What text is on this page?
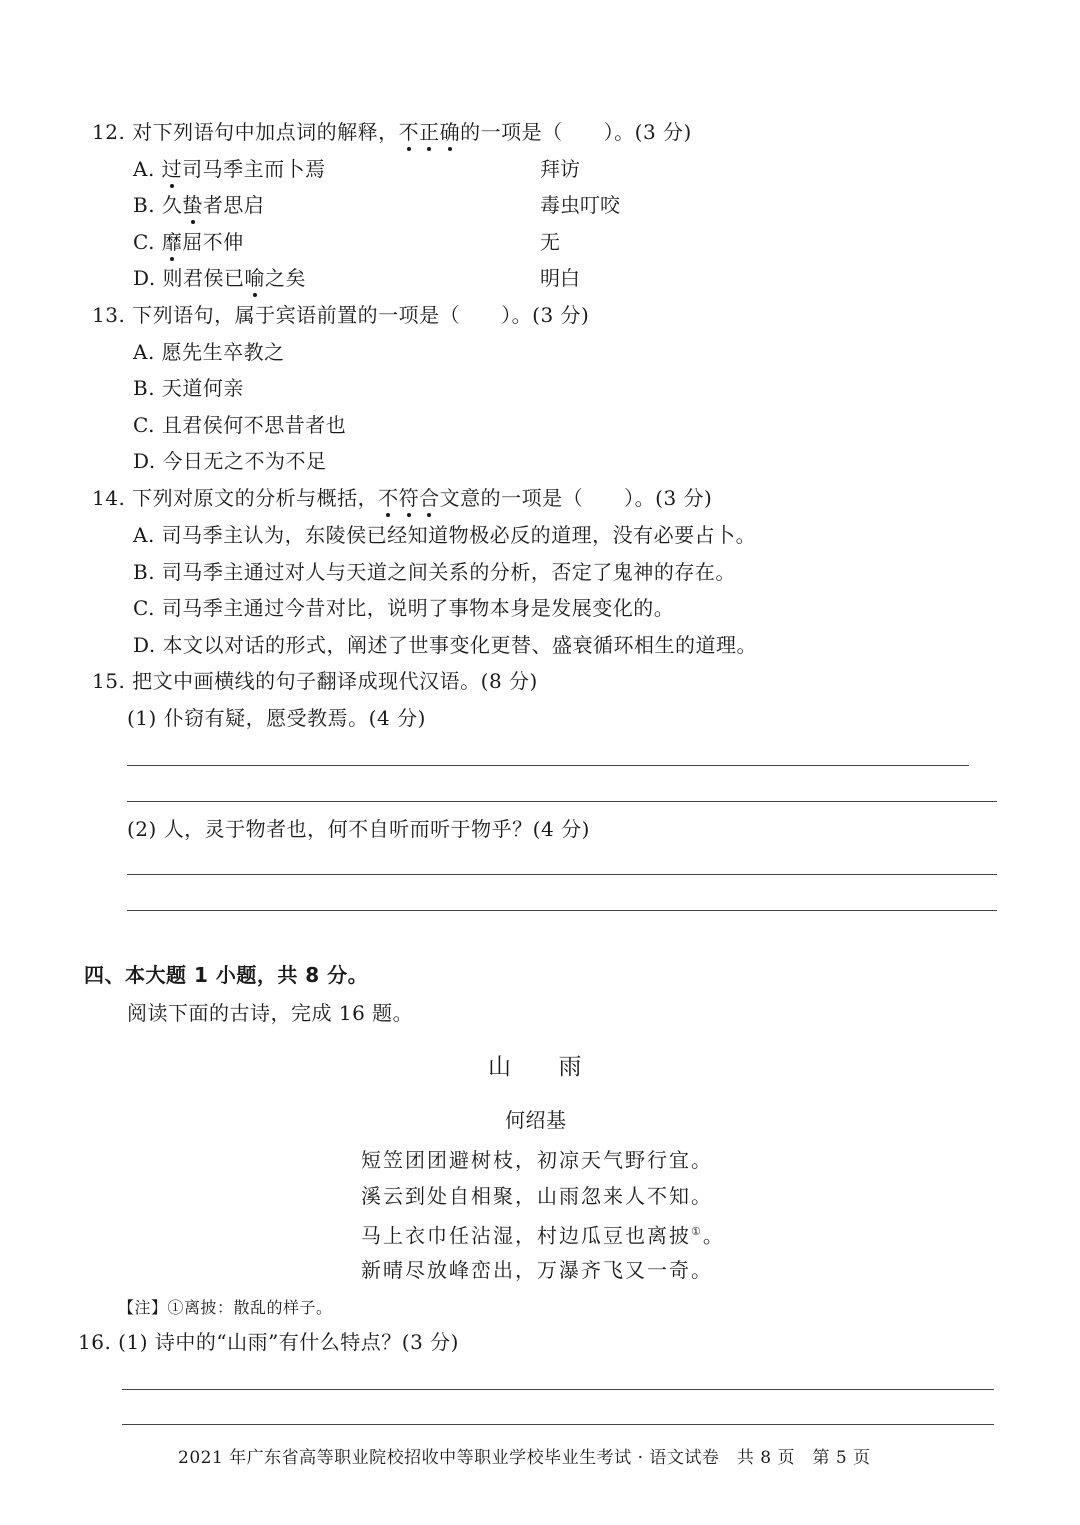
12. 对下列语句中加点词的解释，不正确的一项是（　　）。(3 分)
A. 过司马季主而卜焉	拜访
B. 久蛰者思启	毒虫叮咬
C. 靡屈不伸	无
D. 则君侯已喻之矣	明白
13. 下列语句，属于宾语前置的一项是（　　）。(3 分)
A. 愿先生卒教之
B. 天道何亲
C. 且君侯何不思昔者也
D. 今日无之不为不足
14. 下列对原文的分析与概括，不符合文意的一项是（　　）。(3 分)
A. 司马季主认为，东陵侯已经知道物极必反的道理，没有必要占卜。
B. 司马季主通过对人与天道之间关系的分析，否定了鬼神的存在。
C. 司马季主通过今昔对比，说明了事物本身是发展变化的。
D. 本文以对话的形式，阐述了世事变化更替、盛衰循环相生的道理。
15. 把文中画横线的句子翻译成现代汉语。(8 分)
(1) 仆窃有疑，愿受教焉。(4 分)
(2) 人，灵于物者也，何不自听而听于物乎？(4 分)
四、本大题 1 小题，共 8 分。
阅读下面的古诗，完成 16 题。
山　　雨
何绍基
短笠团团避树枝，初凉天气野行宜。
溪云到处自相聚，山雨忽来人不知。
马上衣巾任沾湿，村边瓜豆也离披①。
新晴尽放峰峦出，万瀑齐飞又一奇。
【注】①离披：散乱的样子。
16. (1) 诗中的“山雨”有什么特点？(3 分)
2021 年广东省高等职业院校招收中等职业学校毕业生考试 · 语文试卷　共 8 页　第 5 页
